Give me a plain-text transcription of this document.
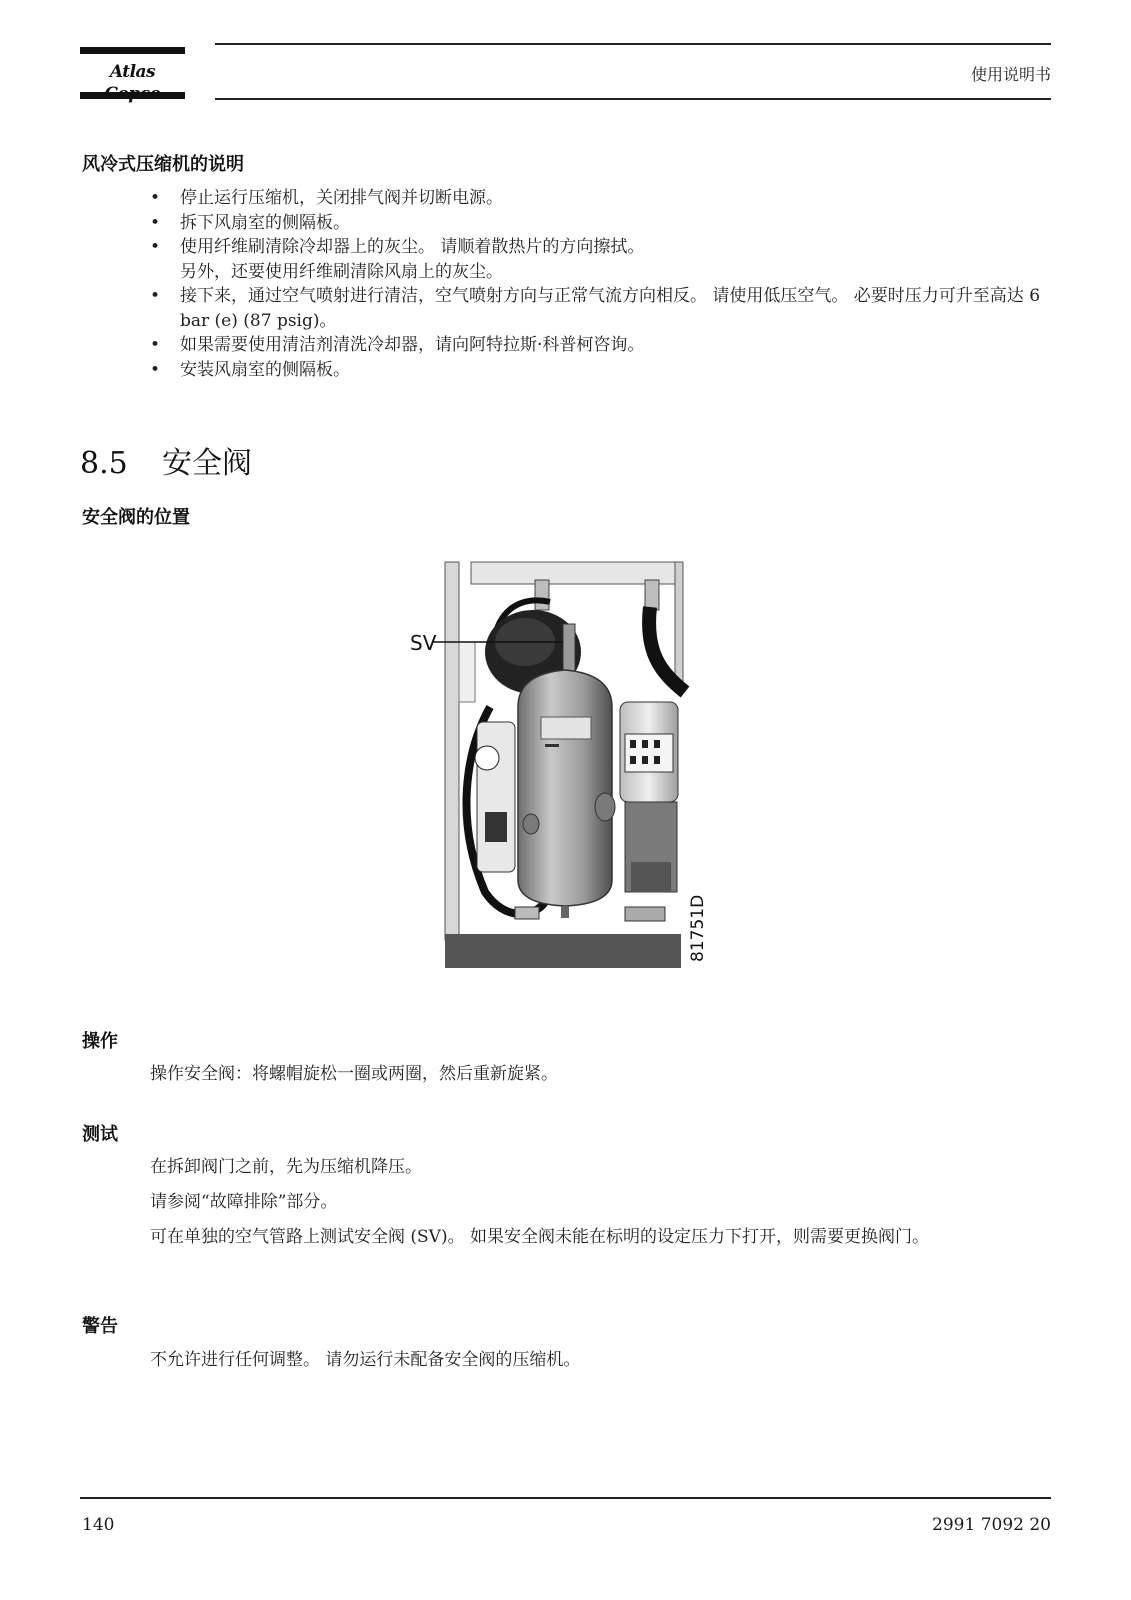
Atlas	使用说明书
风冷式压缩机的说明
• 停止运行压缩机，关闭排气阀并切断电源。
• 拆下风扇室的侧隔板。
• 使用纤维刷清除冷却器上的灰尘。 请顺着散热片的方向擦拭。
另外，还要使用纤维刷清除风扇上的灰尘。
• 接下来，通过空气喷射进行清洁，空气喷射方向与正常气流方向相反。 请使用低压空气。 必要时压力可升至高达 6 bar (e) (87 psig)。
• 如果需要使用清洁剂清洗冷却器，请向阿特拉斯·科普柯咨询。
• 安装风扇室的侧隔板。
8.5 安全阀
安全阀的位置
SV
81751D
操作
操作安全阀：将螺帽旋松一圈或两圈，然后重新旋紧。
测试
在拆卸阀门之前，先为压缩机降压。
请参阅“故障排除”部分。
可在单独的空气管路上测试安全阀 (SV)。 如果安全阀未能在标明的设定压力下打开，则需要更换阀门。
警告
不允许进行任何调整。 请勿运行未配备安全阀的压缩机。
140	2991 7092 20
